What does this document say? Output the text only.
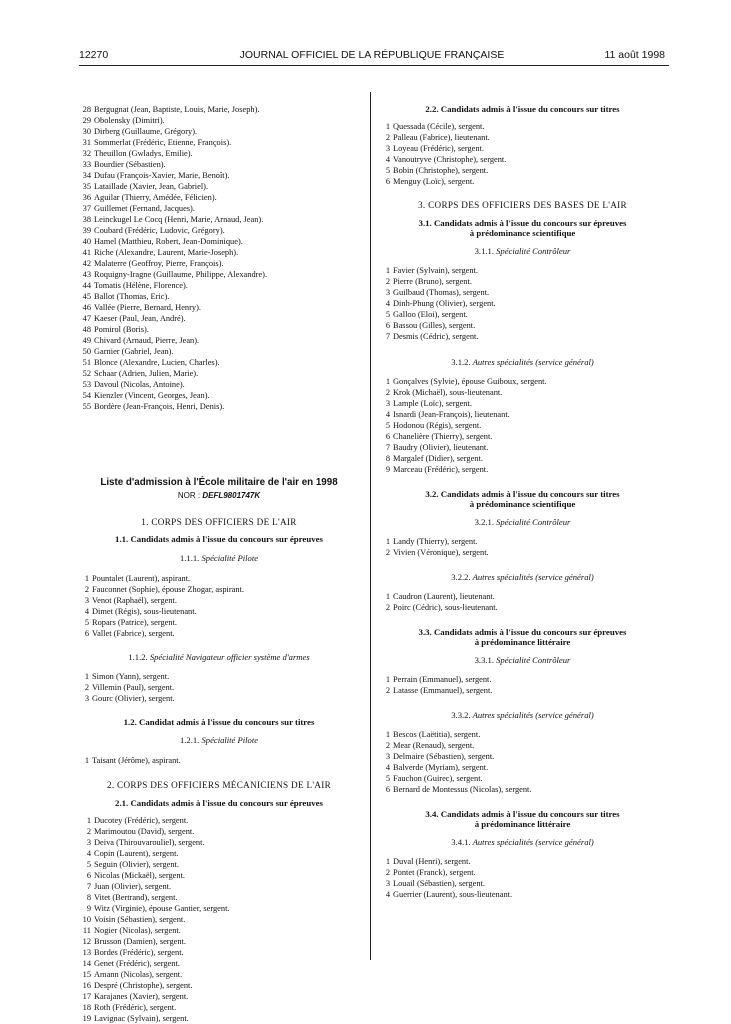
12270	JOURNAL OFFICIEL DE LA RÉPUBLIQUE FRANÇAISE	11 août 1998
28 Bergugnat (Jean, Baptiste, Louis, Marie, Joseph).
29 Obolensky (Dimitri).
30 Dirberg (Guillaume, Grégory).
31 Sommerlat (Frédéric, Etienne, François).
32 Theuillon (Gwladys, Emilie).
33 Bourdier (Sébastien).
34 Dufau (François-Xavier, Marie, Benoît).
35 Lataillade (Xavier, Jean, Gabriel).
36 Aguilar (Thierry, Amédée, Félicien).
37 Guillemet (Fernand, Jacques).
38 Leinckugel Le Cocq (Henri, Marie, Arnaud, Jean).
39 Coubard (Frédéric, Ludovic, Grégory).
40 Hamel (Matthieu, Robert, Jean-Dominique).
41 Riche (Alexandre, Laurent, Marie-Joseph).
42 Malaterre (Geoffroy, Pierre, François).
43 Roquigny-Iragne (Guillaume, Philippe, Alexandre).
44 Tomatis (Hélène, Florence).
45 Ballot (Thomas, Eric).
46 Vallée (Pierre, Bernard, Henry).
47 Kaeser (Paul, Jean, André).
48 Pomirol (Boris).
49 Chivard (Arnaud, Pierre, Jean).
50 Garnier (Gabriel, Jean).
51 Blonce (Alexandre, Lucien, Charles).
52 Schaar (Adrien, Julien, Marie).
53 Davoul (Nicolas, Antoine).
54 Kienzler (Vincent, Georges, Jean).
55 Bordère (Jean-François, Henri, Denis).
Liste d'admission à l'École militaire de l'air en 1998
NOR : DEFL9801747K
1. CORPS DES OFFICIERS DE L'AIR
1.1. Candidats admis à l'issue du concours sur épreuves
1.1.1. Spécialité Pilote
1 Pountalet (Laurent), aspirant.
2 Fauconnet (Sophie), épouse Zhogar, aspirant.
3 Venot (Raphaël), sergent.
4 Dimet (Régis), sous-lieutenant.
5 Ropars (Patrice), sergent.
6 Vallet (Fabrice), sergent.
1.1.2. Spécialité Navigateur officier système d'armes
1 Simon (Yann), sergent.
2 Villemin (Paul), sergent.
3 Gourc (Olivier), sergent.
1.2. Candidat admis à l'issue du concours sur titres
1.2.1. Spécialité Pilote
1 Taisant (Jérôme), aspirant.
2. CORPS DES OFFICIERS MÉCANICIENS DE L'AIR
2.1. Candidats admis à l'issue du concours sur épreuves
1 Ducotey (Frédéric), sergent.
2 Marimoutou (David), sergent.
3 Deiva (Thirouvarouliel), sergent.
4 Copin (Laurent), sergent.
5 Seguin (Olivier), sergent.
6 Nicolas (Mickaël), sergent.
7 Juan (Olivier), sergent.
8 Vitet (Bertrand), sergent.
9 Witz (Virginie), épouse Gantier, sergent.
10 Voisin (Sébastien), sergent.
11 Nogier (Nicolas), sergent.
12 Brusson (Damien), sergent.
13 Bordes (Frédéric), sergent.
14 Genet (Frédéric), sergent.
15 Amann (Nicolas), sergent.
16 Despré (Christophe), sergent.
17 Karajanes (Xavier), sergent.
18 Roth (Frédéric), sergent.
19 Lavignac (Sylvain), sergent.
2.2. Candidats admis à l'issue du concours sur titres
1 Quessada (Cécile), sergent.
2 Palleau (Fabrice), lieutenant.
3 Loyeau (Frédéric), sergent.
4 Vanoutryve (Christophe), sergent.
5 Bobin (Christophe), sergent.
6 Menguy (Loïc), sergent.
3. CORPS DES OFFICIERS DES BASES DE L'AIR
3.1. Candidats admis à l'issue du concours sur épreuves
à prédominance scientifique
3.1.1. Spécialité Contrôleur
1 Favier (Sylvain), sergent.
2 Pierre (Bruno), sergent.
3 Guilbaud (Thomas), sergent.
4 Dinh-Phung (Olivier), sergent.
5 Galloo (Eloi), sergent.
6 Bassou (Gilles), sergent.
7 Desmis (Cédric), sergent.
3.1.2. Autres spécialités (service général)
1 Gonçalves (Sylvie), épouse Guiboux, sergent.
2 Krok (Michaël), sous-lieutenant.
3 Lample (Loïc), sergent.
4 Isnardi (Jean-François), lieutenant.
5 Hodonou (Régis), sergent.
6 Chanelière (Thierry), sergent.
7 Baudry (Olivier), lieutenant.
8 Margalef (Didier), sergent.
9 Marceau (Frédéric), sergent.
3.2. Candidats admis à l'issue du concours sur titres
à prédominance scientifique
3.2.1. Spécialité Contrôleur
1 Landy (Thierry), sergent.
2 Vivien (Véronique), sergent.
3.2.2. Autres spécialités (service général)
1 Caudron (Laurent), lieutenant.
2 Poirc (Cédric), sous-lieutenant.
3.3. Candidats admis à l'issue du concours sur épreuves
à prédominance littéraire
3.3.1. Spécialité Contrôleur
1 Perrain (Emmanuel), sergent.
2 Latasse (Emmanuel), sergent.
3.3.2. Autres spécialités (service général)
1 Bescos (Laëtitia), sergent.
2 Mear (Renaud), sergent.
3 Delmaire (Sébastien), sergent.
4 Balverde (Myriam), sergent.
5 Fauchon (Guirec), sergent.
6 Bernard de Montessus (Nicolas), sergent.
3.4. Candidats admis à l'issue du concours sur titres
à prédominance littéraire
3.4.1. Autres spécialités (service général)
1 Duval (Henri), sergent.
2 Pontet (Franck), sergent.
3 Louail (Sébastien), sergent.
4 Guerrier (Laurent), sous-lieutenant.
